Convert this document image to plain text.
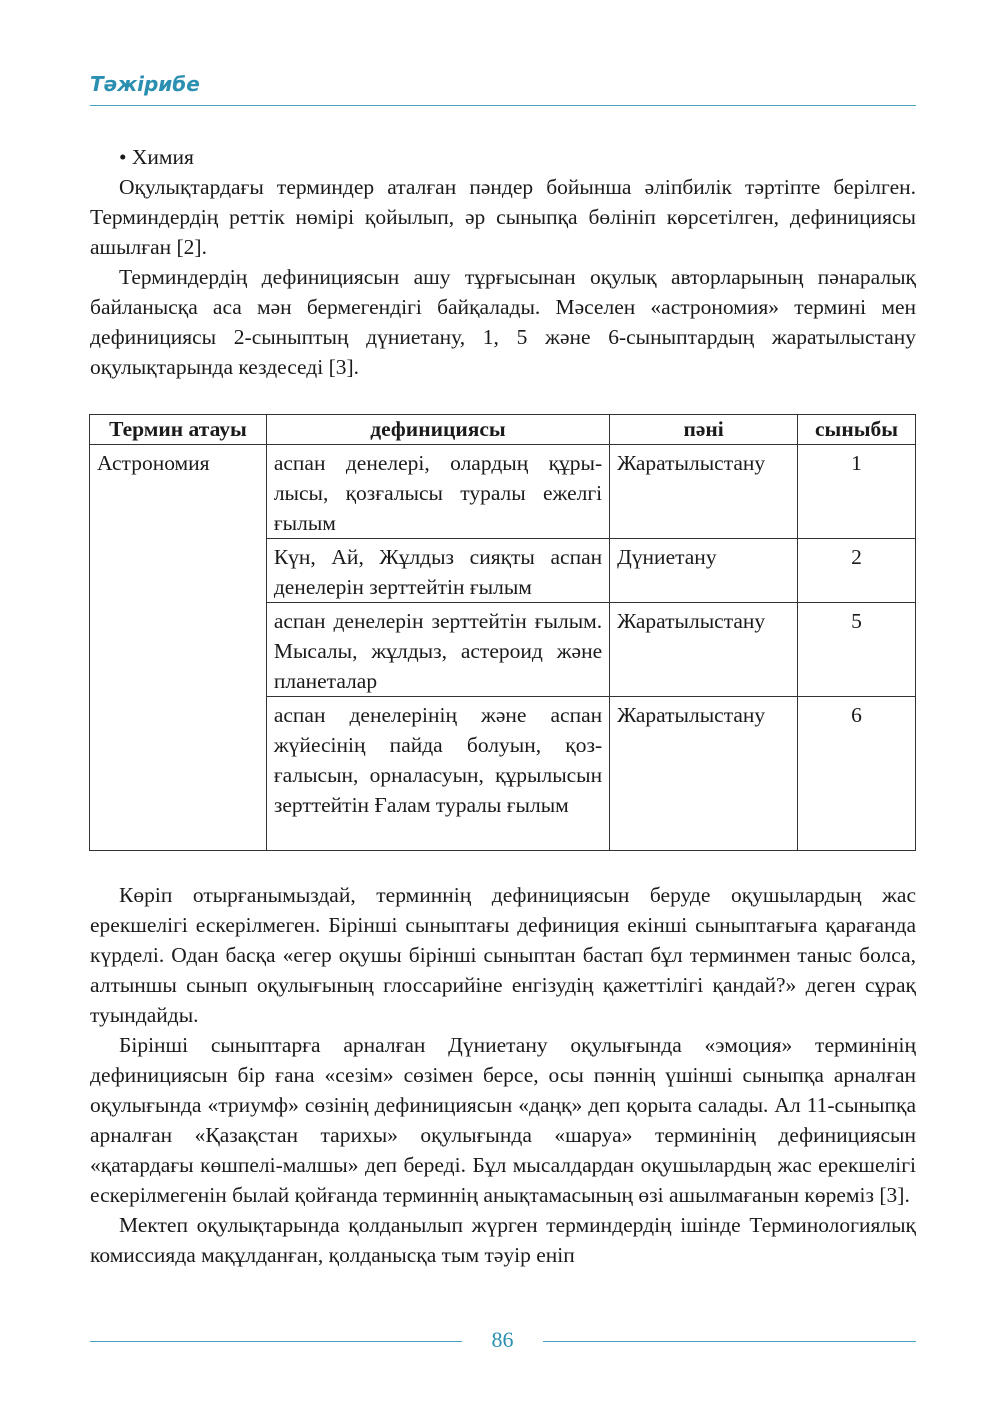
Тәжірибе

• Химия

Оқулықтардағы терминдер аталған пәндер бойынша әліпбилік тәртіпте берілген. Терминдердің реттік нөмірі қойылып, әр сыныпқа бөлініп көрсетілген, дефинициясы ашылған [2].

Терминдердің дефинициясын ашу тұрғысынан оқулық авторларының пәнаралық байланысқа аса мән бермегендігі байқалады. Мәселен «астрономия» термині мен дефинициясы 2-сыныптың дүниетану, 1, 5 және 6-сыныптардың жаратылыстану оқулықтарында кездеседі [3].

Термин атауы	дефинициясы	пәні	сыныбы
Астрономия	аспан денелері, олардың құрылысы, қозғалысы туралы ежелгі ғылым	Жаратылыстану	1
	Күн, Ай, Жұлдыз сияқты аспан денелерін зерттейтін ғылым	Дүниетану	2
	аспан денелерін зерттейтін ғылым. Мысалы, жұлдыз, астероид және планеталар	Жаратылыстану	5
	аспан денелерінің және аспан жүйесінің пайда болуын, қозғалысын, орналасуын, құрылысын зерттейтін Ғалам туралы ғылым	Жаратылыстану	6

Көріп отырғанымыздай, терминнің дефинициясын беруде оқушылардың жас ерекшелігі ескерілмеген. Бірінші сыныптағы дефиниция екінші сыныптағыға қарағанда күрделі. Одан басқа «егер оқушы бірінші сыныптан бастап бұл терминмен таныс болса, алтыншы сынып оқулығының глоссарийіне енгізудің қажеттілігі қандай?» деген сұрақ туындайды.

Бірінші сыныптарға арналған Дүниетану оқулығында «эмоция» терминінің дефинициясын бір ғана «сезім» сөзімен берсе, осы пәннің үшінші сыныпқа арналған оқулығында «триумф» сөзінің дефинициясын «даңқ» деп қорыта салады. Ал 11-сыныпқа арналған «Қазақстан тарихы» оқулығында «шаруа» терминінің дефинициясын «қатардағы көшпелі-малшы» деп береді. Бұл мысалдардан оқушылардың жас ерекшелігі ескерілмегенін былай қойғанда терминнің анықтамасының өзі ашылмағанын көреміз [3].

Мектеп оқулықтарында қолданылып жүрген терминдердің ішінде Терминологиялық комиссияда мақұлданған, қолданысқа тым тәуір еніп

86
